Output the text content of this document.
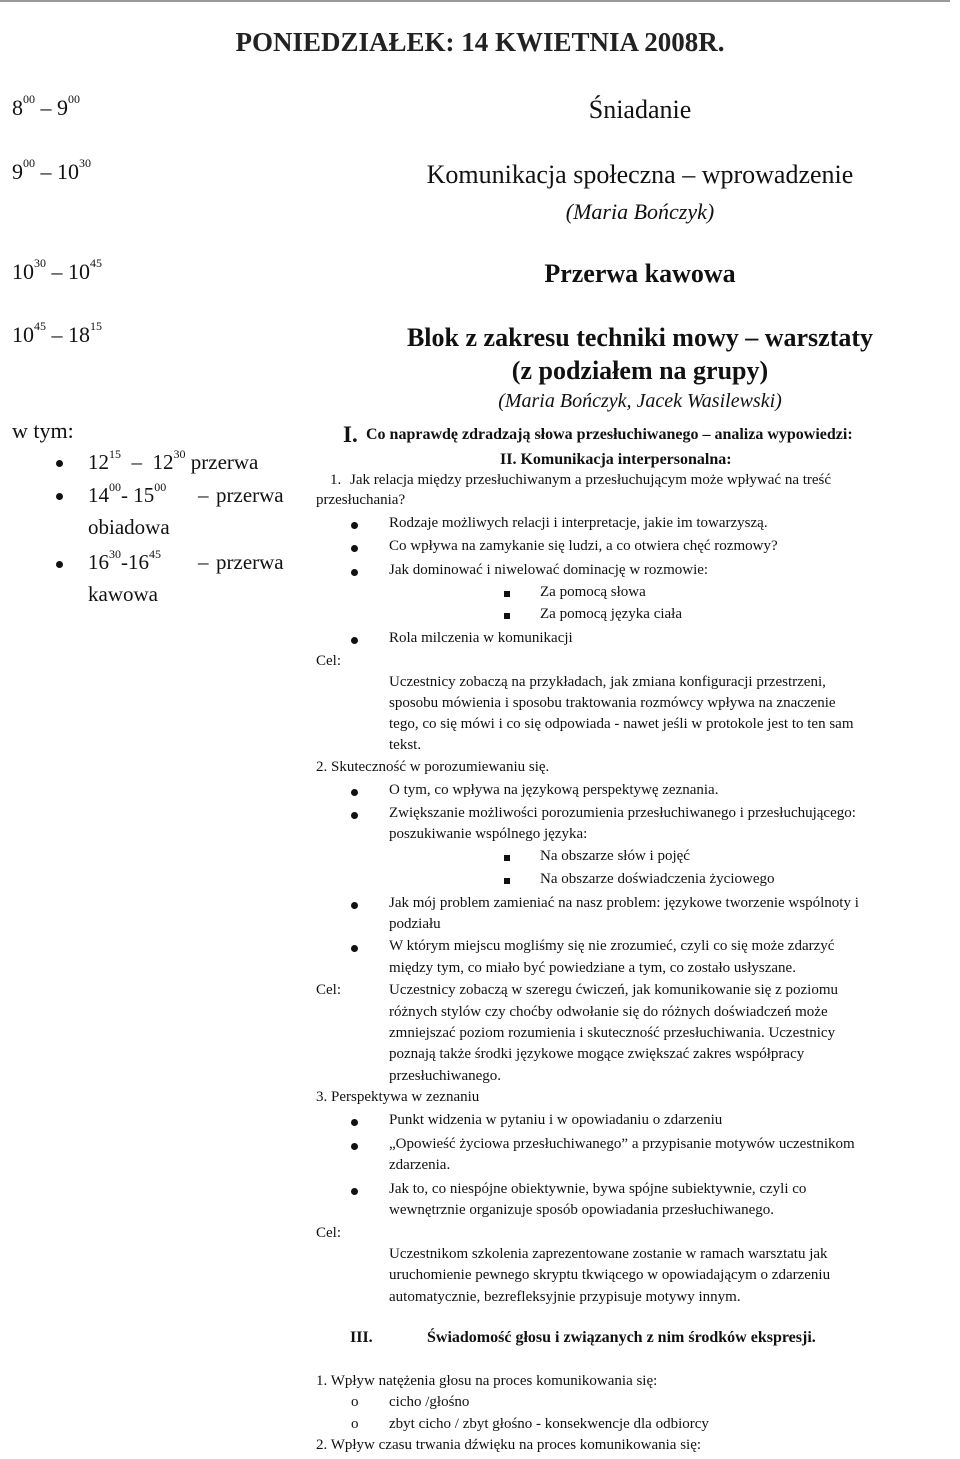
PONIEDZIAŁEK: 14 KWIETNIA 2008R.
$8^{00} - 9^{00}$
$9^{00} - 10^{30}$
$10^{30} - 10^{45}$
$10^{45} - 18^{15}$
Śniadanie
Komunikacja społeczna – wprowadzenie
(Maria Bończyk)
Przerwa kawowa
Blok z zakresu techniki mowy – warsztaty
(z podziałem na grupy)
(Maria Bończyk, Jacek Wasilewski)
w tym:
$12^{15} - 12^{30}$ przerwa
$14^{00}-$ $15^{00}$ – przerwa
obiadowa
$16^{30}-16^{45}$ – przerwa
kawowa
I. Co naprawdę zdradzają słowa przesłuchiwanego – analiza wypowiedzi:
II. Komunikacja interpersonalna:
1. Jak relacja między przesłuchiwanym a przesłuchującym może wpływać na treść
przesłuchania?
Rodzaje możliwych relacji i interpretacje, jakie im towarzyszą.
Co wpływa na zamykanie się ludzi, a co otwiera chęć rozmowy?
Jak dominować i niwelować dominację w rozmowie:
Za pomocą słowa
Za pomocą języka ciała
Rola milczenia w komunikacji
Cel:
Uczestnicy zobaczą na przykładach, jak zmiana konfiguracji przestrzeni,
sposobu mówienia i sposobu traktowania rozmówcy wpływa na znaczenie
tego, co się mówi i co się odpowiada - nawet jeśli w protokole jest to ten sam
tekst.
2. Skuteczność w porozumiewaniu się.
O tym, co wpływa na językową perspektywę zeznania.
Zwiększanie możliwości porozumienia przesłuchiwanego i przesłuchującego:
poszukiwanie wspólnego języka:
Na obszarze słów i pojęć
Na obszarze doświadczenia życiowego
Jak mój problem zamieniać na nasz problem: językowe tworzenie wspólnoty i
podziału
W którym miejscu mogliśmy się nie zrozumieć, czyli co się może zdarzyć
między tym, co miało być powiedziane a tym, co zostało usłyszane.
Cel:	Uczestnicy zobaczą w szeregu ćwiczeń, jak komunikowanie się z poziomu
różnych stylów czy choćby odwołanie się do różnych doświadczeń może
zmniejszać poziom rozumienia i skuteczność przesłuchiwania. Uczestnicy
poznają także środki językowe mogące zwiększać zakres współpracy
przesłuchiwanego.
3. Perspektywa w zeznaniu
Punkt widzenia w pytaniu i w opowiadaniu o zdarzeniu
„Opowieść życiowa przesłuchiwanego” a przypisanie motywów uczestnikom
zdarzenia.
Jak to, co niespójne obiektywnie, bywa spójne subiektywnie, czyli co
wewnętrznie organizuje sposób opowiadania przesłuchiwanego.
Cel:
Uczestnikom szkolenia zaprezentowane zostanie w ramach warsztatu jak
uruchomienie pewnego skryptu tkwiącego w opowiadającym o zdarzeniu
automatycznie, bezrefleksyjnie przypisuje motywy innym.
III.	Świadomość głosu i związanych z nim środków ekspresji.
1. Wpływ natężenia głosu na proces komunikowania się:
o cicho /głośno
o zbyt cicho / zbyt głośno - konsekwencje dla odbiorcy
2. Wpływ czasu trwania dźwięku na proces komunikowania się:
